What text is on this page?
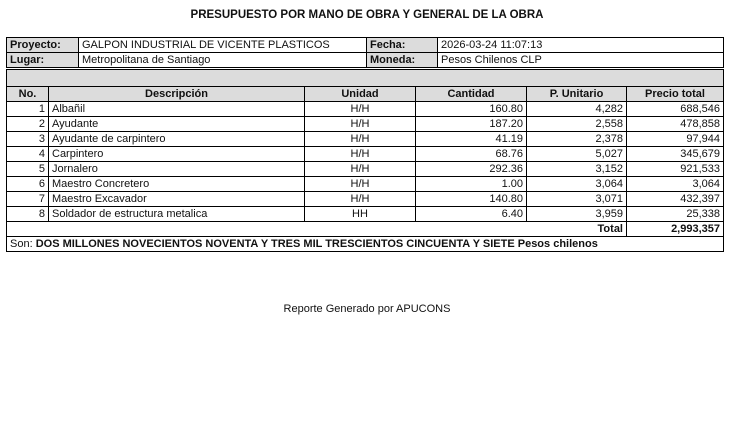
PRESUPUESTO POR MANO DE OBRA Y GENERAL DE LA OBRA
Proyecto:	GALPON INDUSTRIAL DE VICENTE PLASTICOS	Fecha:	2026-03-24 11:07:13
Lugar:	Metropolitana de Santiago	Moneda:	Pesos Chilenos CLP

No.	Descripción	Unidad	Cantidad	P. Unitario	Precio total
1	Albañil	H/H	160.80	4,282	688,546
2	Ayudante	H/H	187.20	2,558	478,858
3	Ayudante de carpintero	H/H	41.19	2,378	97,944
4	Carpintero	H/H	68.76	5,027	345,679
5	Jornalero	H/H	292.36	3,152	921,533
6	Maestro Concretero	H/H	1.00	3,064	3,064
7	Maestro Excavador	H/H	140.80	3,071	432,397
8	Soldador de estructura metalica	HH	6.40	3,959	25,338
Total					2,993,357
Son: DOS MILLONES NOVECIENTOS NOVENTA Y TRES MIL TRESCIENTOS CINCUENTA Y SIETE Pesos chilenos					
Reporte Generado por APUCONS
